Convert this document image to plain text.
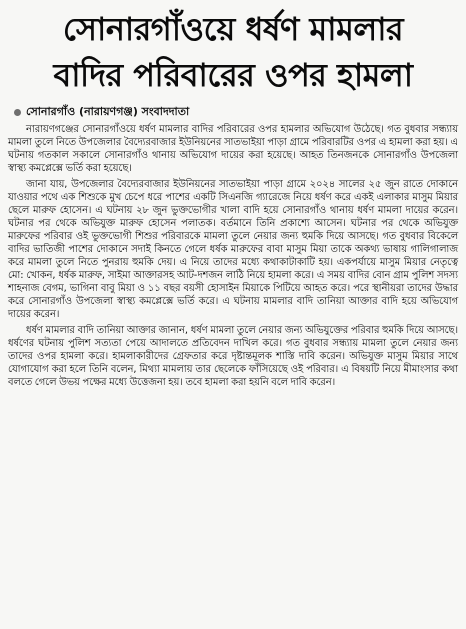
সোনারগাঁওয়ে ধর্ষণ মামলার
বাদির পরিবারের ওপর হামলা
সোনারগাঁও (নারায়ণগঞ্জ) সংবাদদাতা

নারায়ণগঞ্জের সোনারগাঁওয়ে ধর্ষণ মামলার বাদির পরিবারের ওপর হামলার অভিযোগ উঠেছে। গত বুধবার সন্ধ্যায় মামলা তুলে নিতে উপজেলার বৈদ্যেরবাজার ইউনিয়নের সাতভাইয়া পাড়া গ্রামে পরিবারটির ওপর এ হামলা করা হয়। এ ঘটনায় গতকাল সকালে সোনারগাঁও থানায় অভিযোগ দায়ের করা হয়েছে। আহত তিনজনকে সোনারগাঁও উপজেলা স্বাস্থ্য কমপ্লেক্সে ভর্তি করা হয়েছে।

জানা যায়, উপজেলার বৈদ্যেরবাজার ইউনিয়নের সাতভাইয়া পাড়া গ্রামে ২০২৪ সালের ২৫ জুন রাতে দোকানে যাওয়ার পথে এক শিশুকে মুখ চেপে ধরে পাশের একটি সিএনজি গ্যারেজে নিয়ে ধর্ষণ করে একই এলাকার মাসুম মিয়ার ছেলে মারুফ হোসেন। এ ঘটনায় ২৮ জুন ভুক্তভোগীর খালা বাদি হয়ে সোনারগাঁও থানায় ধর্ষণ মামলা দায়ের করেন। ঘটনার পর থেকে অভিযুক্ত মারুফ হোসেন পলাতক। বর্তমানে তিনি প্রকাশ্যে আসেন। ঘটনার পর থেকে অভিযুক্ত মারুফের পরিবার ওই ভুক্তভোগী শিশুর পরিবারকে মামলা তুলে নেয়ার জন্য হুমকি দিয়ে আসছে। গত বুধবার বিকেলে বাদির ভাতিজী পাশের দোকানে সদাই কিনতে গেলে ধর্ষক মারুফের বাবা মাসুম মিয়া তাকে অকথ্য ভাষায় গালিগালাজ করে মামলা তুলে নিতে পুনরায় হুমকি দেয়। এ নিয়ে তাদের মধ্যে কথাকাটাকাটি হয়। একপর্যায়ে মাসুম মিয়ার নেতৃত্বে মো: খোকন, ধর্ষক মারুফ, সাইমা আক্তারসহ আট-দশজন লাঠি নিয়ে হামলা করে। এ সময় বাদির বোন গ্রাম পুলিশ সদস্য শাহনাজ বেগম, ভাগিনা বাবু মিয়া ও ১১ বছর বয়সী হোসাইন মিয়াকে পিটিয়ে আহত করে। পরে স্থানীয়রা তাদের উদ্ধার করে সোনারগাঁও উপজেলা স্বাস্থ্য কমপ্লেক্সে ভর্তি করে। এ ঘটনায় মামলার বাদি তানিয়া আক্তার বাদি হয়ে অভিযোগ দায়ের করেন।

ধর্ষণ মামলার বাদি তানিয়া আক্তার জানান, ধর্ষণ মামলা তুলে নেয়ার জন্য অভিযুক্তের পরিবার হুমকি দিয়ে আসছে। ধর্ষণের ঘটনায় পুলিশ সত্যতা পেয়ে আদালতে প্রতিবেদন দাখিল করে। গত বুধবার সন্ধ্যায় মামলা তুলে নেয়ার জন্য তাদের ওপর হামলা করে। হামলাকারীদের গ্রেফতার করে দৃষ্টান্তমূলক শাস্তি দাবি করেন। অভিযুক্ত মাসুম মিয়ার সাথে যোগাযোগ করা হলে তিনি বলেন, মিথ্যা মামলায় তার ছেলেকে ফাঁসিয়েছে ওই পরিবার। এ বিষয়টি নিয়ে মীমাংসার কথা বলতে গেলে উভয় পক্ষের মধ্যে উত্তেজনা হয়। তবে হামলা করা হয়নি বলে দাবি করেন।
